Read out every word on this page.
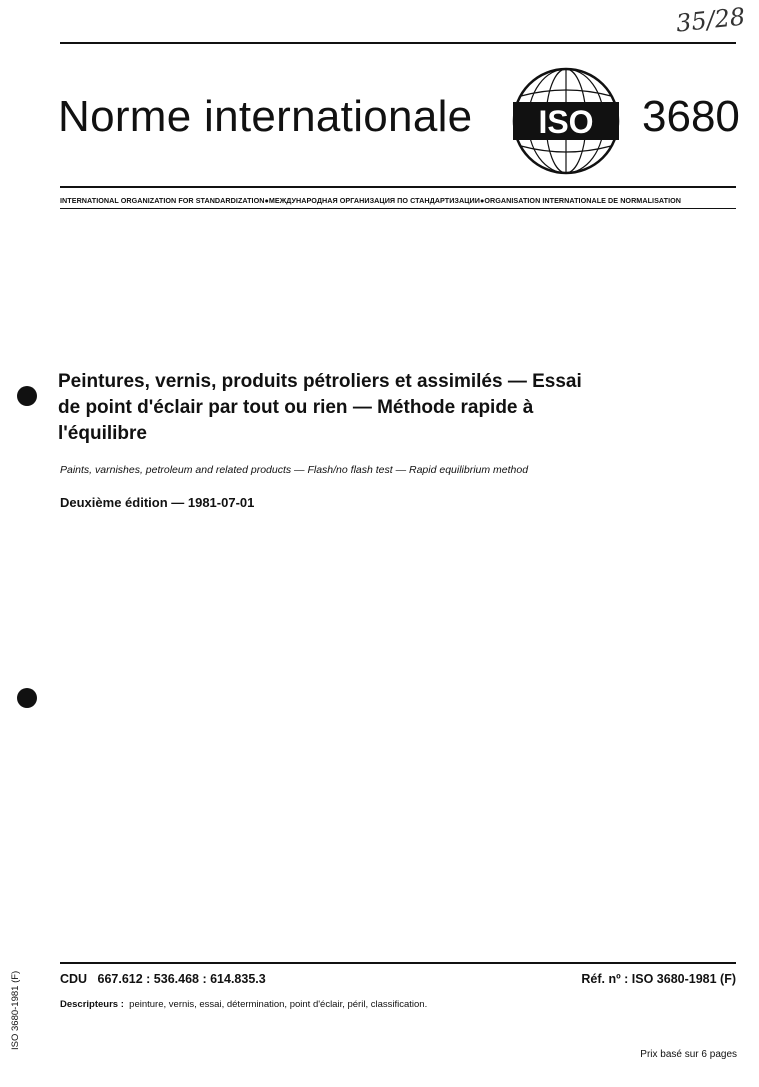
35/28
Norme internationale ISO 3680
INTERNATIONAL ORGANIZATION FOR STANDARDIZATION●МЕЖДУНАРОДНАЯ ОРГАНИЗАЦИЯ ПО СТАНДАРТИЗАЦИИ●ORGANISATION INTERNATIONALE DE NORMALISATION
Peintures, vernis, produits pétroliers et assimilés — Essai
de point d'éclair par tout ou rien — Méthode rapide à
l'équilibre
Paints, varnishes, petroleum and related products — Flash/no flash test — Rapid equilibrium method
Deuxième édition — 1981-07-01
CDU 667.612 : 536.468 : 614.835.3	Réf. nº : ISO 3680-1981 (F)
Descripteurs : peinture, vernis, essai, détermination, point d'éclair, péril, classification.
Prix basé sur 6 pages
ISO 3680-1981 (F)
